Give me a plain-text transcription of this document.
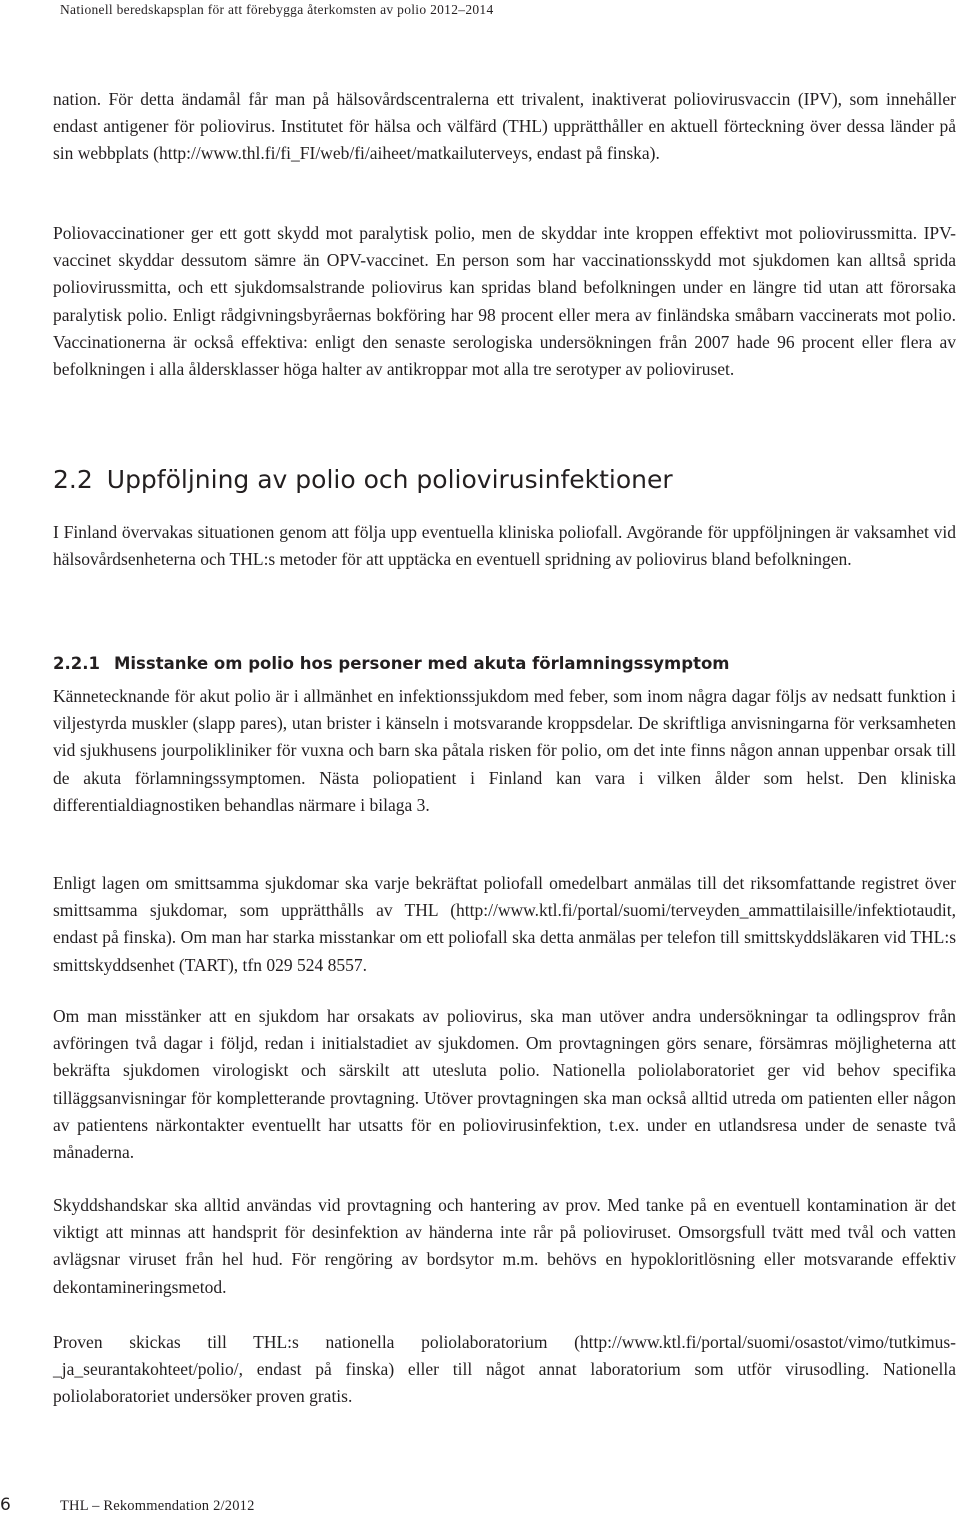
Nationell beredskapsplan för att förebygga återkomsten av polio 2012–2014

nation. För detta ändamål får man på hälsovårdscentralerna ett trivalent, inaktiverat poliovirusvaccin (IPV), som innehåller endast antigener för poliovirus. Institutet för hälsa och välfärd (THL) upprätthåller en aktuell förteckning över dessa länder på sin webbplats (http://www.thl.fi/fi_FI/web/fi/aiheet/matkailuterveys, endast på finska).

Poliovaccinationer ger ett gott skydd mot paralytisk polio, men de skyddar inte kroppen effektivt mot poliovirussmitta. IPV-vaccinet skyddar dessutom sämre än OPV-vaccinet. En person som har vaccinationsskydd mot sjukdomen kan alltså sprida poliovirussmitta, och ett sjukdomsalstrande poliovirus kan spridas bland befolkningen under en längre tid utan att förorsaka paralytisk polio. Enligt rådgivningsbyråernas bokföring har 98 procent eller mera av finländska småbarn vaccinerats mot polio. Vaccinationerna är också effektiva: enligt den senaste serologiska undersökningen från 2007 hade 96 procent eller flera av befolkningen i alla åldersklasser höga halter av antikroppar mot alla tre serotyper av polioviruset.

2.2 Uppföljning av polio och poliovirusinfektioner

I Finland övervakas situationen genom att följa upp eventuella kliniska poliofall. Avgörande för uppföljningen är vaksamhet vid hälsovårdsenheterna och THL:s metoder för att upptäcka en eventuell spridning av poliovirus bland befolkningen.

2.2.1 Misstanke om polio hos personer med akuta förlamningssymptom

Kännetecknande för akut polio är i allmänhet en infektionssjukdom med feber, som inom några dagar följs av nedsatt funktion i viljestyrda muskler (slapp pares), utan brister i känseln i motsvarande kroppsdelar. De skriftliga anvisningarna för verksamheten vid sjukhusens jourpolikliniker för vuxna och barn ska påtala risken för polio, om det inte finns någon annan uppenbar orsak till de akuta förlamningssymptomen. Nästa poliopatient i Finland kan vara i vilken ålder som helst. Den kliniska differentialdiagnostiken behandlas närmare i bilaga 3.

Enligt lagen om smittsamma sjukdomar ska varje bekräftat poliofall omedelbart anmälas till det riksomfattande registret över smittsamma sjukdomar, som upprätthålls av THL (http://www.ktl.fi/portal/suomi/terveyden_ammattilaisille/infektiotaudit, endast på finska). Om man har starka misstankar om ett poliofall ska detta anmälas per telefon till smittskyddsläkaren vid THL:s smittskyddsenhet (TART), tfn 029 524 8557.

Om man misstänker att en sjukdom har orsakats av poliovirus, ska man utöver andra undersökningar ta odlingsprov från avföringen två dagar i följd, redan i initialstadiet av sjukdomen. Om provtagningen görs senare, försämras möjligheterna att bekräfta sjukdomen virologiskt och särskilt att utesluta polio. Nationella poliolaboratoriet ger vid behov specifika tilläggsanvisningar för kompletterande provtagning. Utöver provtagningen ska man också alltid utreda om patienten eller någon av patientens närkontakter eventuellt har utsatts för en poliovirusinfektion, t.ex. under en utlandsresa under de senaste två månaderna.

Skyddshandskar ska alltid användas vid provtagning och hantering av prov. Med tanke på en eventuell kontamination är det viktigt att minnas att handsprit för desinfektion av händerna inte rår på polioviruset. Omsorgsfull tvätt med tvål och vatten avlägsnar viruset från hel hud. För rengöring av bordsytor m.m. behövs en hypokloritlösning eller motsvarande effektiv dekontamineringsmetod.

Proven skickas till THL:s nationella poliolaboratorium (http://www.ktl.fi/portal/suomi/osastot/vimo/tutkimus-_ja_seurantakohteet/polio/, endast på finska) eller till något annat laboratorium som utför virusodling. Nationella poliolaboratoriet undersöker proven gratis.

6	THL – Rekommendation 2/2012
